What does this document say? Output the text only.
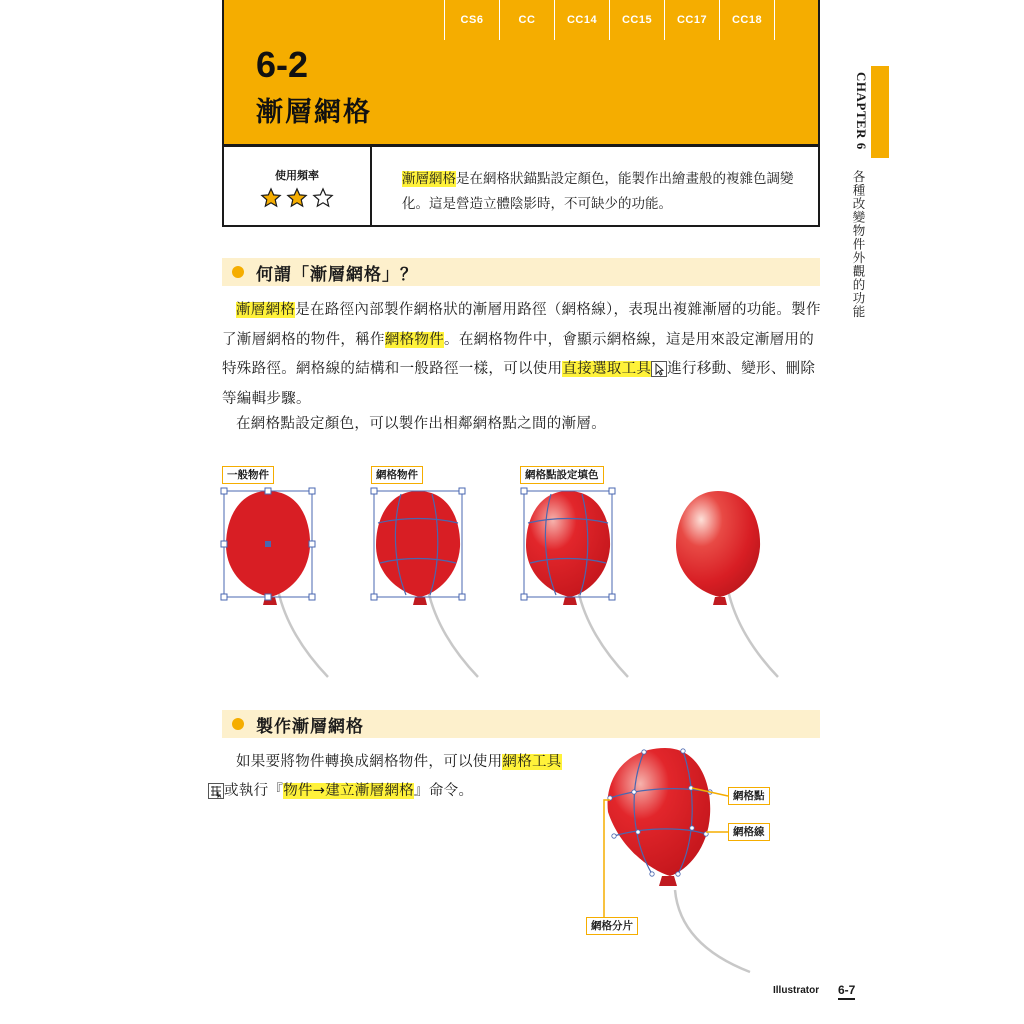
6-2
漸層網格
CS6	CC	CC14	CC15	CC17	CC18
使用頻率	漸層網格是在網格狀錨點設定顏色，能製作出繪畫般的複雜色調變
化。這是營造立體陰影時，不可缺少的功能。
CHAPTER 6
各種改變物件外觀的功能
何謂「漸層網格」？
漸層網格是在路徑內部製作網格狀的漸層用路徑（網格線），表現出複雜漸層的功能。製作了漸層網格的物件，稱作網格物件。在網格物件中，會顯示網格線，這是用來設定漸層用的特殊路徑。網格線的結構和一般路徑一樣，可以使用直接選取工具 進行移動、變形、刪除等編輯步驟。
在網格點設定顏色，可以製作出相鄰網格點之間的漸層。
一般物件	網格物件	網格點設定填色
製作漸層網格
如果要將物件轉換成網格物件，可以使用網格工具
或執行『物件→建立漸層網格』命令。	網格點
網格線
網格分片
Illustrator 6-7
